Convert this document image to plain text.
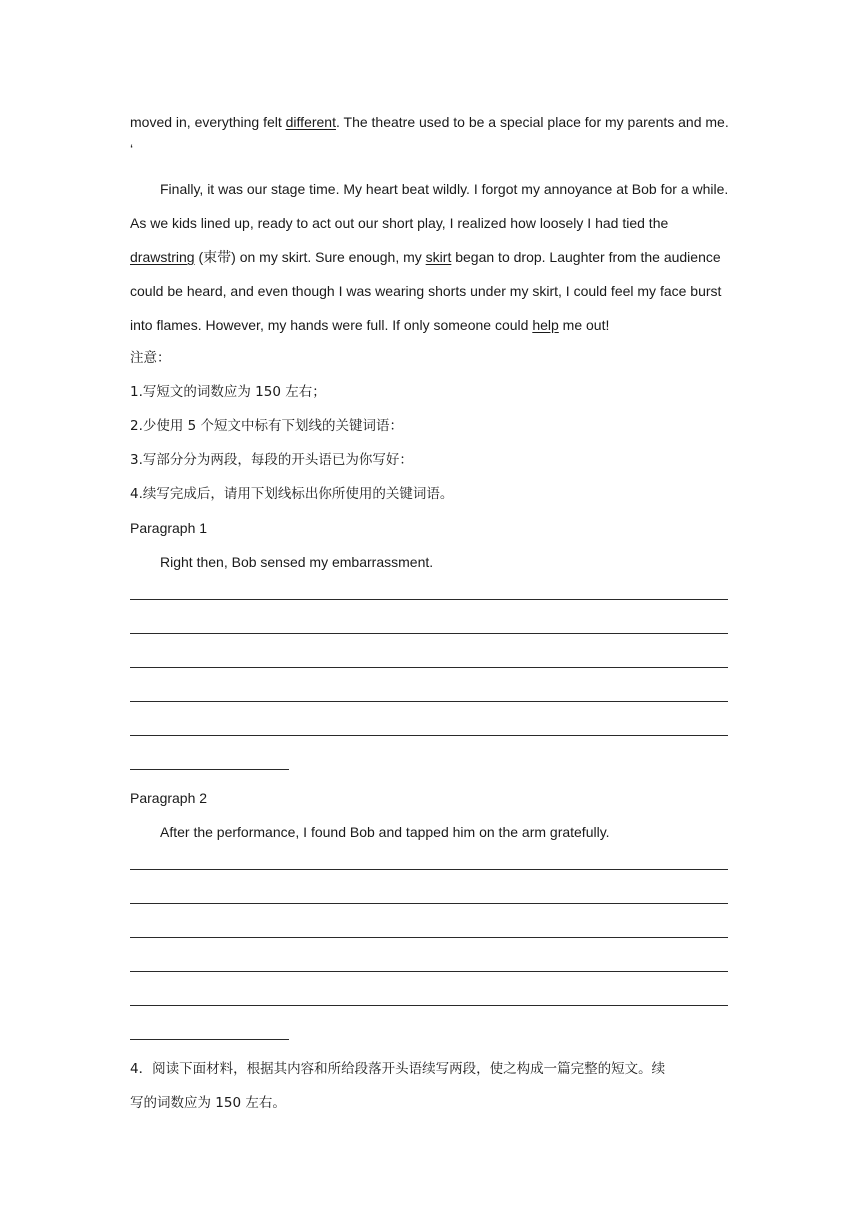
moved in, everything felt different. The theatre used to be a special place for my parents and me.
‘
Finally, it was our stage time. My heart beat wildly. I forgot my annoyance at Bob for a while.
As we kids lined up, ready to act out our short play, I realized how loosely I had tied the
drawstring (束带) on my skirt. Sure enough, my skirt began to drop. Laughter from the audience
could be heard, and even though I was wearing shorts under my skirt, I could feel my face burst
into flames. However, my hands were full. If only someone could help me out!
注意：
1.写短文的词数应为 150 左右；
2.少使用 5 个短文中标有下划线的关键词语：
3.写部分分为两段，每段的开头语已为你写好：
4.续写完成后，请用下划线标出你所使用的关键词语。
Paragraph 1
Right then, Bob sensed my embarrassment.
Paragraph 2
After the performance, I found Bob and tapped him on the arm gratefully.
4．阅读下面材料，根据其内容和所给段落开头语续写两段，使之构成一篇完整的短文。续
写的词数应为 150 左右。
